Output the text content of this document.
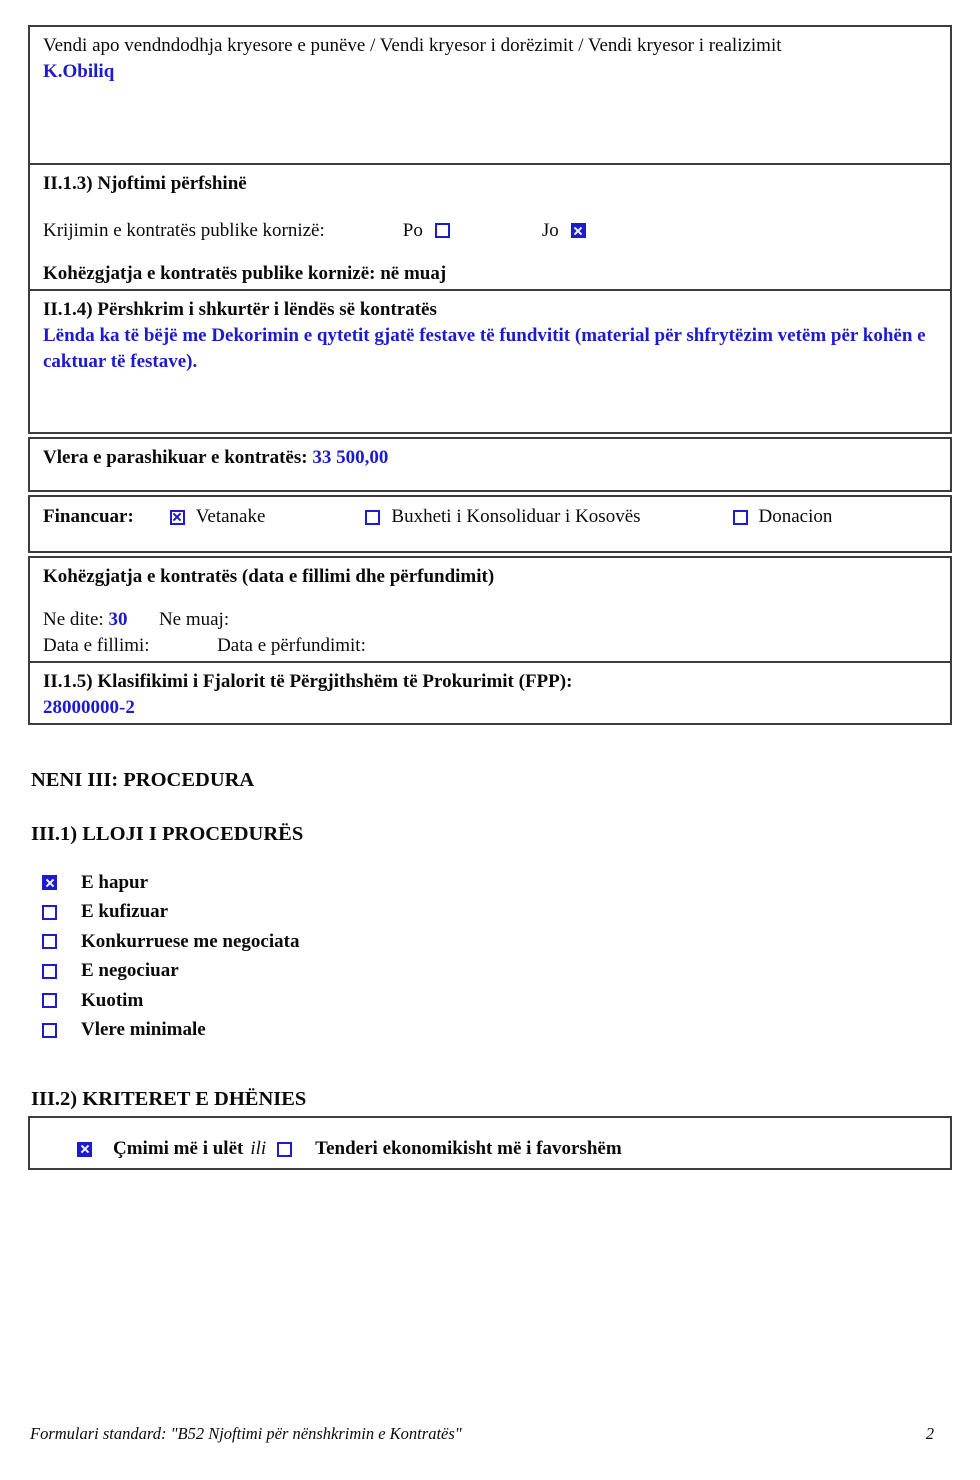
Vendi apo vendndodhja kryesore e punëve / Vendi kryesor i dorëzimit / Vendi kryesor i realizimit
K.Obiliq
II.1.3) Njoftimi përfshinë
Krijimin e kontratës publike kornizë:	Po	Jo
Kohëzgjatja e kontratës publike kornizë: në muaj
II.1.4) Përshkrim i shkurtër i lëndës së kontratës
Lënda ka të bëjë me Dekorimin e qytetit gjatë festave të fundvitit (material për shfrytëzim vetëm për kohën e caktuar të festave).
Vlera e parashikuar e kontratës: 33 500,00
Financuar:	Vetanake	Buxheti i Konsoliduar i Kosovës	Donacion
Kohëzgjatja e kontratës (data e fillimi dhe përfundimit)
Ne dite: 30 Ne muaj:
Data e fillimi:	Data e përfundimit:
II.1.5) Klasifikimi i Fjalorit të Përgjithshëm të Prokurimit (FPP):
28000000-2
NENI III: PROCEDURA
III.1) LLOJI I PROCEDURËS
E hapur
E kufizuar
Konkurruese me negociata
E negociuar
Kuotim
Vlere minimale
III.2) KRITERET E DHËNIES
Çmimi më i ulët ili	Tenderi ekonomikisht më i favorshëm
Formulari standard: "B52 Njoftimi për nënshkrimin e Kontratës"	2
